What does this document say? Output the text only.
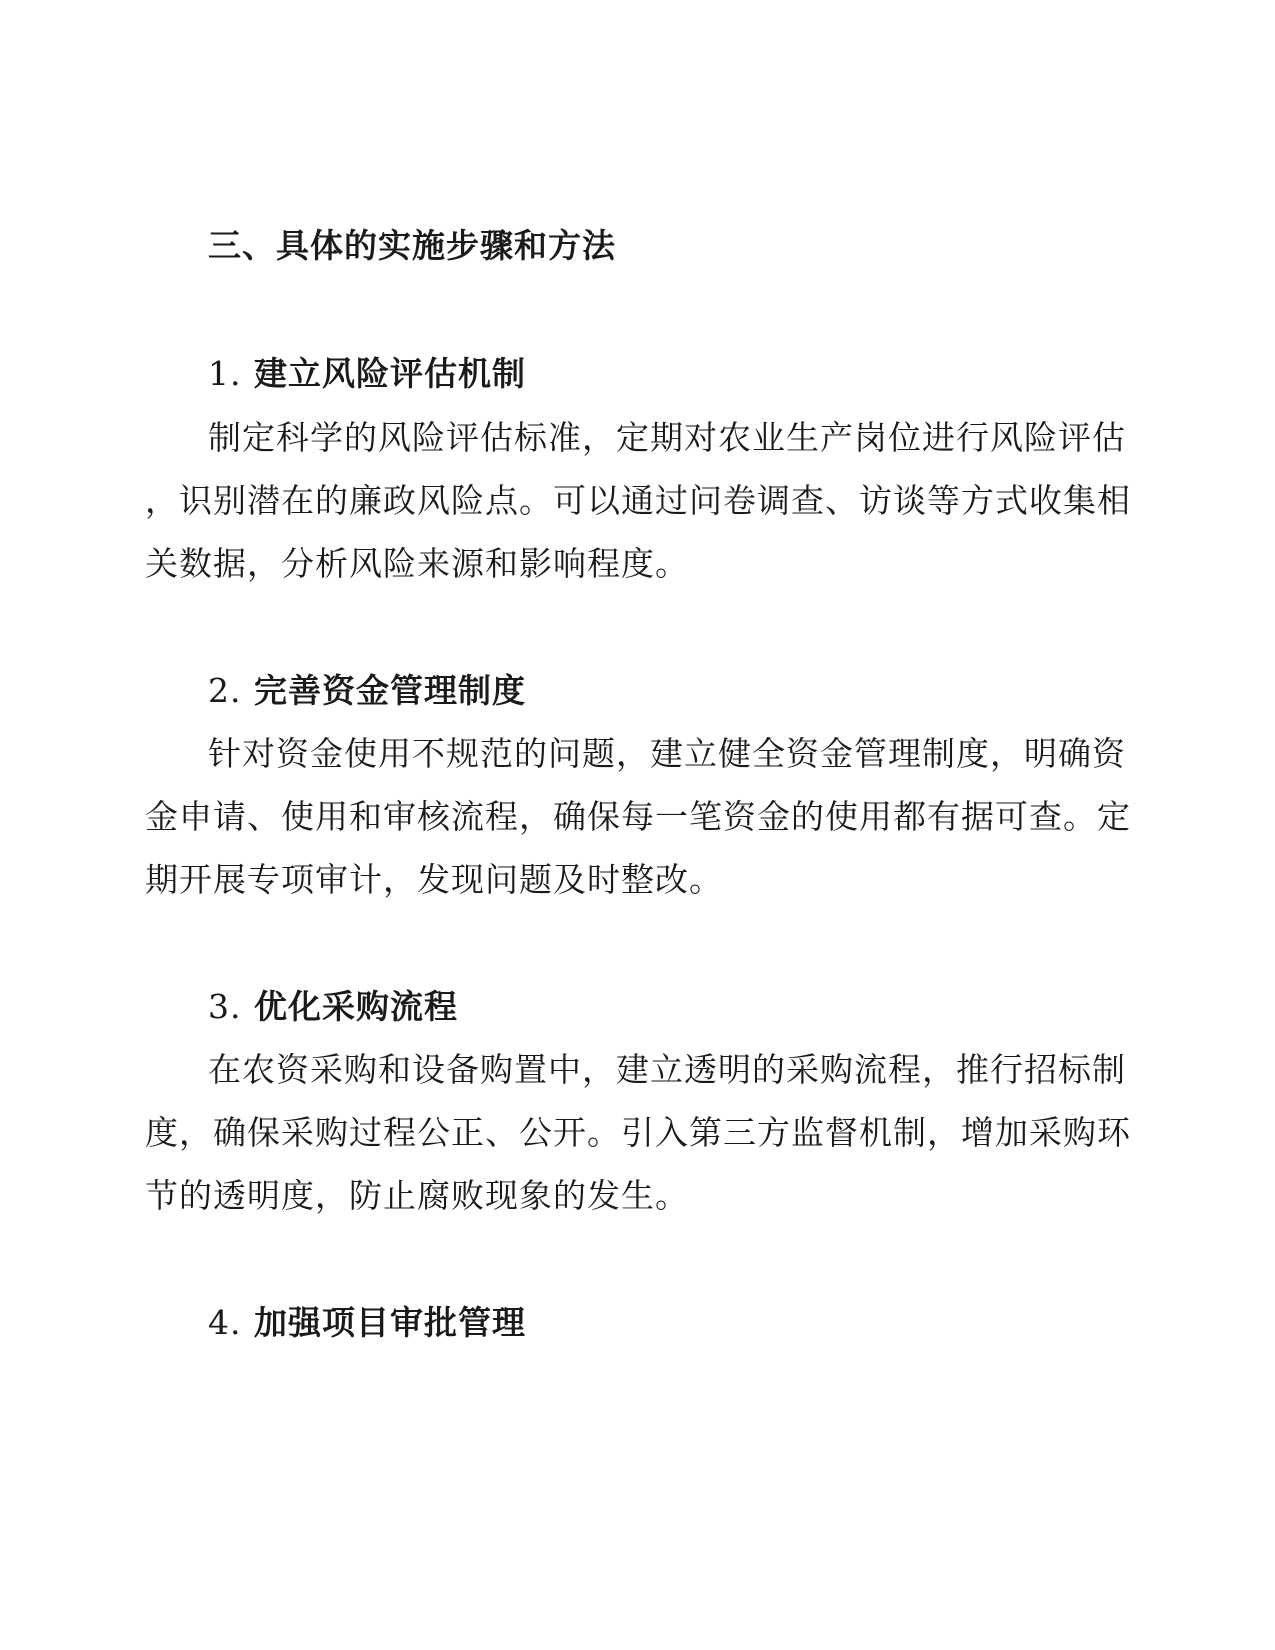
三、具体的实施步骤和方法
1. 建立风险评估机制
制定科学的风险评估标准，定期对农业生产岗位进行风险评估
，识别潜在的廉政风险点。可以通过问卷调查、访谈等方式收集相
关数据，分析风险来源和影响程度。
2. 完善资金管理制度
针对资金使用不规范的问题，建立健全资金管理制度，明确资
金申请、使用和审核流程，确保每一笔资金的使用都有据可查。定
期开展专项审计，发现问题及时整改。
3. 优化采购流程
在农资采购和设备购置中，建立透明的采购流程，推行招标制
度，确保采购过程公正、公开。引入第三方监督机制，增加采购环
节的透明度，防止腐败现象的发生。
4. 加强项目审批管理
